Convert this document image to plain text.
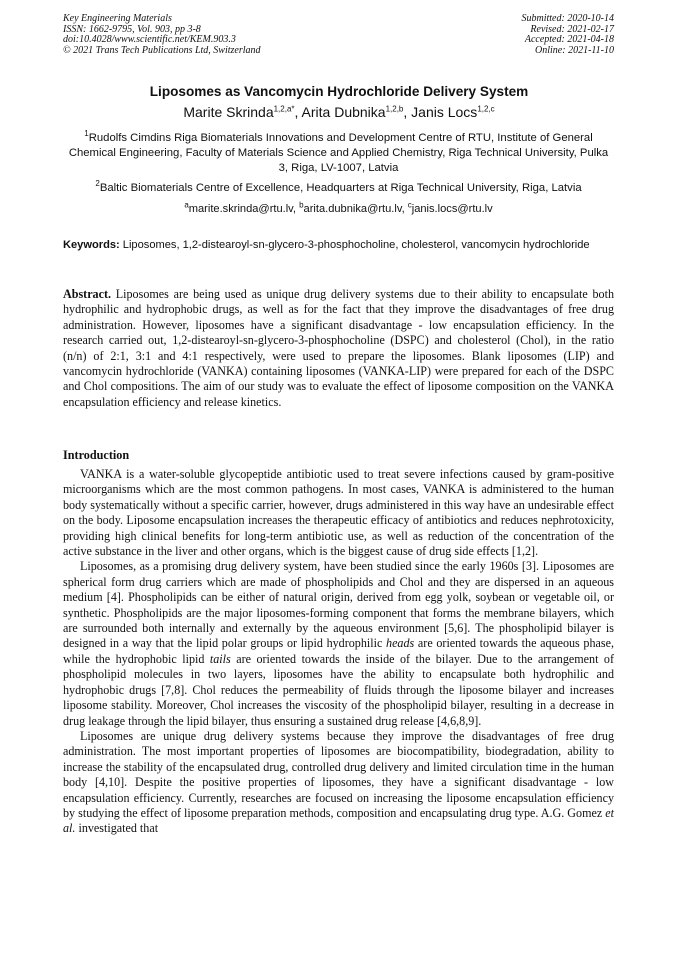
Key Engineering Materials
ISSN: 1662-9795, Vol. 903, pp 3-8
doi:10.4028/www.scientific.net/KEM.903.3
© 2021 Trans Tech Publications Ltd, Switzerland
Submitted: 2020-10-14
Revised: 2021-02-17
Accepted: 2021-04-18
Online: 2021-11-10
Liposomes as Vancomycin Hydrochloride Delivery System
Marite Skrinda$^{1,2,a*}$, Arita Dubnika$^{1,2,b}$, Janis Locs$^{1,2,c}$
$^1$Rudolfs Cimdins Riga Biomaterials Innovations and Development Centre of RTU, Institute of General Chemical Engineering, Faculty of Materials Science and Applied Chemistry, Riga Technical University, Pulka 3, Riga, LV-1007, Latvia
$^2$Baltic Biomaterials Centre of Excellence, Headquarters at Riga Technical University, Riga, Latvia
$^a$marite.skrinda@rtu.lv, $^b$arita.dubnika@rtu.lv, $^c$janis.locs@rtu.lv
Keywords: Liposomes, 1,2-distearoyl-sn-glycero-3-phosphocholine, cholesterol, vancomycin hydrochloride
Abstract. Liposomes are being used as unique drug delivery systems due to their ability to encapsulate both hydrophilic and hydrophobic drugs, as well as for the fact that they improve the disadvantages of free drug administration. However, liposomes have a significant disadvantage - low encapsulation efficiency. In the research carried out, 1,2-distearoyl-sn-glycero-3-phosphocholine (DSPC) and cholesterol (Chol), in the ratio (n/n) of 2:1, 3:1 and 4:1 respectively, were used to prepare the liposomes. Blank liposomes (LIP) and vancomycin hydrochloride (VANKA) containing liposomes (VANKA-LIP) were prepared for each of the DSPC and Chol compositions. The aim of our study was to evaluate the effect of liposome composition on the VANKA encapsulation efficiency and release kinetics.
Introduction

VANKA is a water-soluble glycopeptide antibiotic used to treat severe infections caused by gram-positive microorganisms which are the most common pathogens. In most cases, VANKA is administered to the human body systematically without a specific carrier, however, drugs administered in this way have an undesirable effect on the body. Liposome encapsulation increases the therapeutic efficacy of antibiotics and reduces nephrotoxicity, providing high clinical benefits for long-term antibiotic use, as well as reduction of the concentration of the active substance in the liver and other organs, which is the biggest cause of drug side effects [1,2].

Liposomes, as a promising drug delivery system, have been studied since the early 1960s [3]. Liposomes are spherical form drug carriers which are made of phospholipids and Chol and they are dispersed in an aqueous medium [4]. Phospholipids can be either of natural origin, derived from egg yolk, soybean or vegetable oil, or synthetic. Phospholipids are the major liposomes-forming component that forms the membrane bilayers, which are surrounded both internally and externally by the aqueous environment [5,6]. The phospholipid bilayer is designed in a way that the lipid polar groups or lipid hydrophilic heads are oriented towards the aqueous phase, while the hydrophobic lipid tails are oriented towards the inside of the bilayer. Due to the arrangement of phospholipid molecules in two layers, liposomes have the ability to encapsulate both hydrophilic and hydrophobic drugs [7,8]. Chol reduces the permeability of fluids through the liposome bilayer and increases liposome stability. Moreover, Chol increases the viscosity of the phospholipid bilayer, resulting in a decrease in drug leakage through the lipid bilayer, thus ensuring a sustained drug release [4,6,8,9].

Liposomes are unique drug delivery systems because they improve the disadvantages of free drug administration. The most important properties of liposomes are biocompatibility, biodegradation, ability to increase the stability of the encapsulated drug, controlled drug delivery and limited circulation time in the human body [4,10]. Despite the positive properties of liposomes, they have a significant disadvantage - low encapsulation efficiency. Currently, researches are focused on increasing the liposome encapsulation efficiency by studying the effect of liposome preparation methods, composition and encapsulating drug type. A.G. Gomez et al. investigated that
